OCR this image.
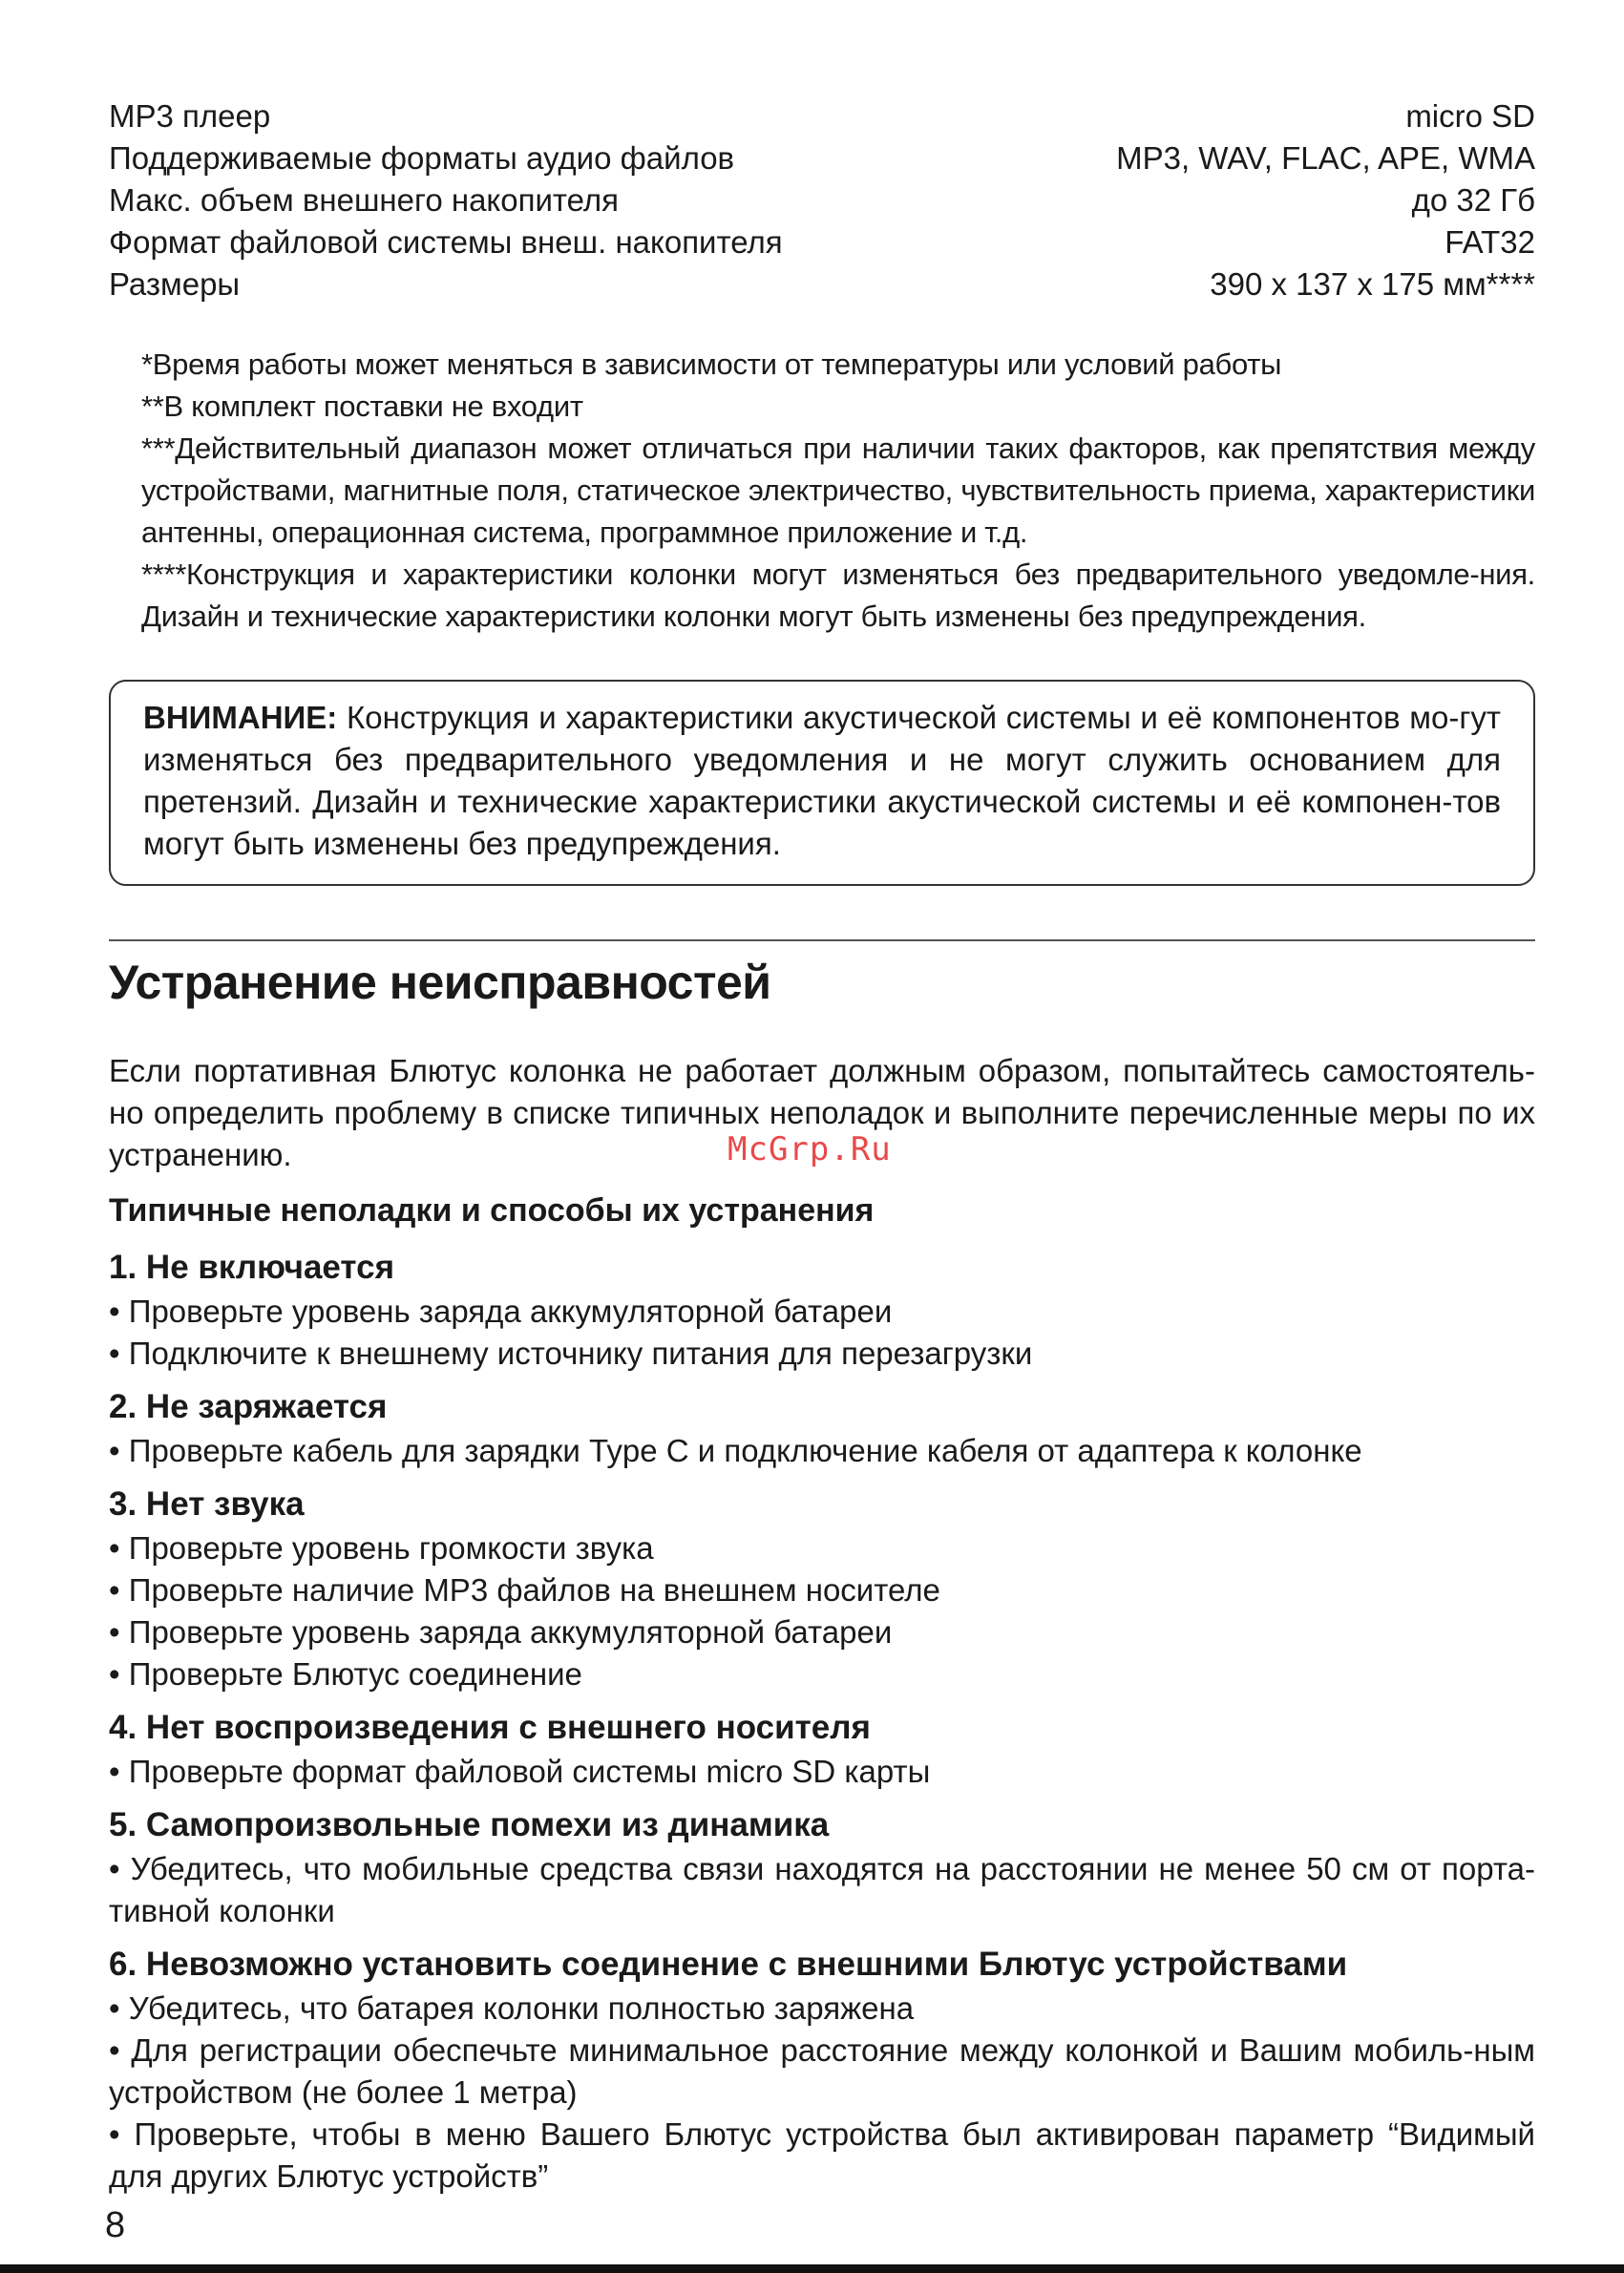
MP3 плеер	micro SD
Поддерживаемые форматы аудио файлов	MP3, WAV, FLAC, APE, WMA
Макс. объем внешнего накопителя	до 32 Гб
Формат файловой системы внеш. накопителя	FAT32
Размеры	390 х 137 х 175 мм****

*Время работы может меняться в зависимости от температуры или условий работы

**В комплект поставки не входит

***Действительный диапазон может отличаться при наличии таких факторов, как препятствия между устройствами, магнитные поля, статическое электричество, чувствительность приема, характеристики антенны, операционная система, программное приложение и т.д.

****Конструкция и характеристики колонки могут изменяться без предварительного уведомле-ния. Дизайн и технические характеристики колонки могут быть изменены без предупреждения.

ВНИМАНИЕ: Конструкция и характеристики акустической системы и её компонентов мо-гут изменяться без предварительного уведомления и не могут служить основанием для претензий. Дизайн и технические характеристики акустической системы и её компонен-тов могут быть изменены без предупреждения.
Устранение неисправностей
Если портативная Блютус колонка не работает должным образом, попытайтесь самостоятель-но определить проблему в списке типичных неполадок и выполните перечисленные меры по их устранению.
Типичные неполадки и способы их устранения
1. Не включается
• Проверьте уровень заряда аккумуляторной батареи
• Подключите к внешнему источнику питания для перезагрузки
2. Не заряжается
• Проверьте кабель для зарядки Type C и подключение кабеля от адаптера к колонке
3. Нет звука
• Проверьте уровень громкости звука
• Проверьте наличие MP3 файлов на внешнем носителе
• Проверьте уровень заряда аккумуляторной батареи
• Проверьте Блютус соединение
4. Нет воспроизведения с внешнего носителя
• Проверьте формат файловой системы micro SD карты
5. Самопроизвольные помехи из динамика
• Убедитесь, что мобильные средства связи находятся на расстоянии не менее 50 см от порта-тивной колонки
6. Невозможно установить соединение с внешними Блютус устройствами
• Убедитесь, что батарея колонки полностью заряжена
• Для регистрации обеспечьте минимальное расстояние между колонкой и Вашим мобиль-ным устройством (не более 1 метра)
• Проверьте, чтобы в меню Вашего Блютус устройства был активирован параметр “Видимый для других Блютус устройств”
McGrp.Ru
8
